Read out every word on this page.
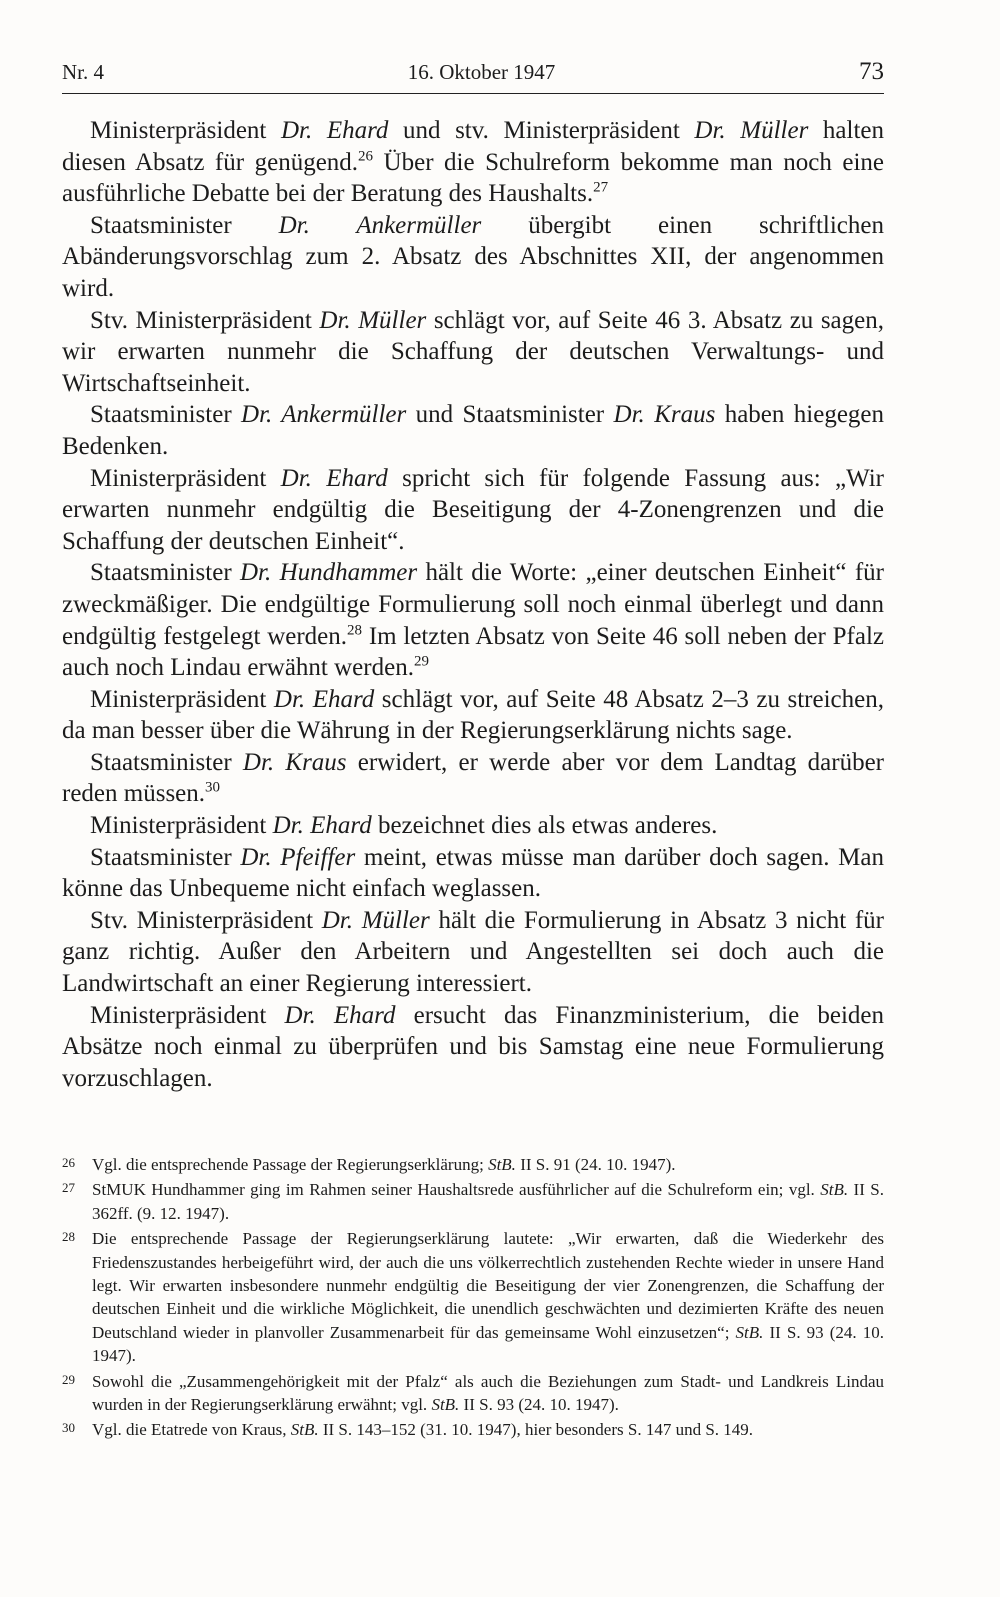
Nr. 4	16. Oktober 1947	73

Ministerpräsident Dr. Ehard und stv. Ministerpräsident Dr. Müller halten diesen Absatz für genügend.$^{26}$ Über die Schulreform bekomme man noch eine ausführliche Debatte bei der Beratung des Haushalts.$^{27}$

Staatsminister Dr. Ankermüller übergibt einen schriftlichen Abänderungsvorschlag zum 2. Absatz des Abschnittes XII, der angenommen wird.

Stv. Ministerpräsident Dr. Müller schlägt vor, auf Seite 46 3. Absatz zu sagen, wir erwarten nunmehr die Schaffung der deutschen Verwaltungs- und Wirtschaftseinheit.

Staatsminister Dr. Ankermüller und Staatsminister Dr. Kraus haben hiegegen Bedenken.

Ministerpräsident Dr. Ehard spricht sich für folgende Fassung aus: „Wir erwarten nunmehr endgültig die Beseitigung der 4-Zonengrenzen und die Schaffung der deutschen Einheit“.

Staatsminister Dr. Hundhammer hält die Worte: „einer deutschen Einheit“ für zweckmäßiger. Die endgültige Formulierung soll noch einmal überlegt und dann endgültig festgelegt werden.$^{28}$ Im letzten Absatz von Seite 46 soll neben der Pfalz auch noch Lindau erwähnt werden.$^{29}$

Ministerpräsident Dr. Ehard schlägt vor, auf Seite 48 Absatz 2–3 zu streichen, da man besser über die Währung in der Regierungserklärung nichts sage.

Staatsminister Dr. Kraus erwidert, er werde aber vor dem Landtag darüber reden müssen.$^{30}$

Ministerpräsident Dr. Ehard bezeichnet dies als etwas anderes.

Staatsminister Dr. Pfeiffer meint, etwas müsse man darüber doch sagen. Man könne das Unbequeme nicht einfach weglassen.

Stv. Ministerpräsident Dr. Müller hält die Formulierung in Absatz 3 nicht für ganz richtig. Außer den Arbeitern und Angestellten sei doch auch die Landwirtschaft an einer Regierung interessiert.

Ministerpräsident Dr. Ehard ersucht das Finanzministerium, die beiden Absätze noch einmal zu überprüfen und bis Samstag eine neue Formulierung vorzuschlagen.

26	Vgl. die entsprechende Passage der Regierungserklärung; StB. II S. 91 (24. 10. 1947).
27	StMUK Hundhammer ging im Rahmen seiner Haushaltsrede ausführlicher auf die Schulreform ein; vgl. StB. II S. 362ff. (9. 12. 1947).
28	Die entsprechende Passage der Regierungserklärung lautete: „Wir erwarten, daß die Wiederkehr des Friedenszustandes herbeigeführt wird, der auch die uns völkerrechtlich zustehenden Rechte wieder in unsere Hand legt. Wir erwarten insbesondere nunmehr endgültig die Beseitigung der vier Zonengrenzen, die Schaffung der deutschen Einheit und die wirkliche Möglichkeit, die unendlich geschwächten und dezimierten Kräfte des neuen Deutschland wieder in planvoller Zusammenarbeit für das gemeinsame Wohl einzusetzen“; StB. II S. 93 (24. 10. 1947).
29	Sowohl die „Zusammengehörigkeit mit der Pfalz“ als auch die Beziehungen zum Stadt- und Landkreis Lindau wurden in der Regierungserklärung erwähnt; vgl. StB. II S. 93 (24. 10. 1947).
30	Vgl. die Etatrede von Kraus, StB. II S. 143–152 (31. 10. 1947), hier besonders S. 147 und S. 149.
